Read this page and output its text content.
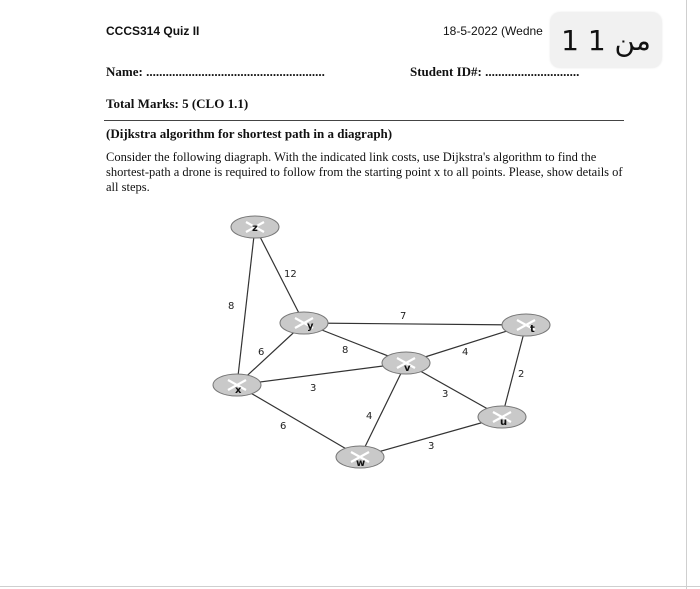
CCCS314 Quiz II	18-5-2022 (Wedne 1 من 1
Name: .......................................................	Student ID#: .............................
Total Marks: 5 (CLO 1.1)
(Dijkstra algorithm for shortest path in a diagraph)
Consider the following diagraph. With the indicated link costs, use Dijkstra's algorithm to find the shortest-path a drone is required to follow from the starting point x to all points. Please, show details of all steps.
12
8
7
6	8
3
6
4
4
3
2
3
z
y
x
v
w
t
u
